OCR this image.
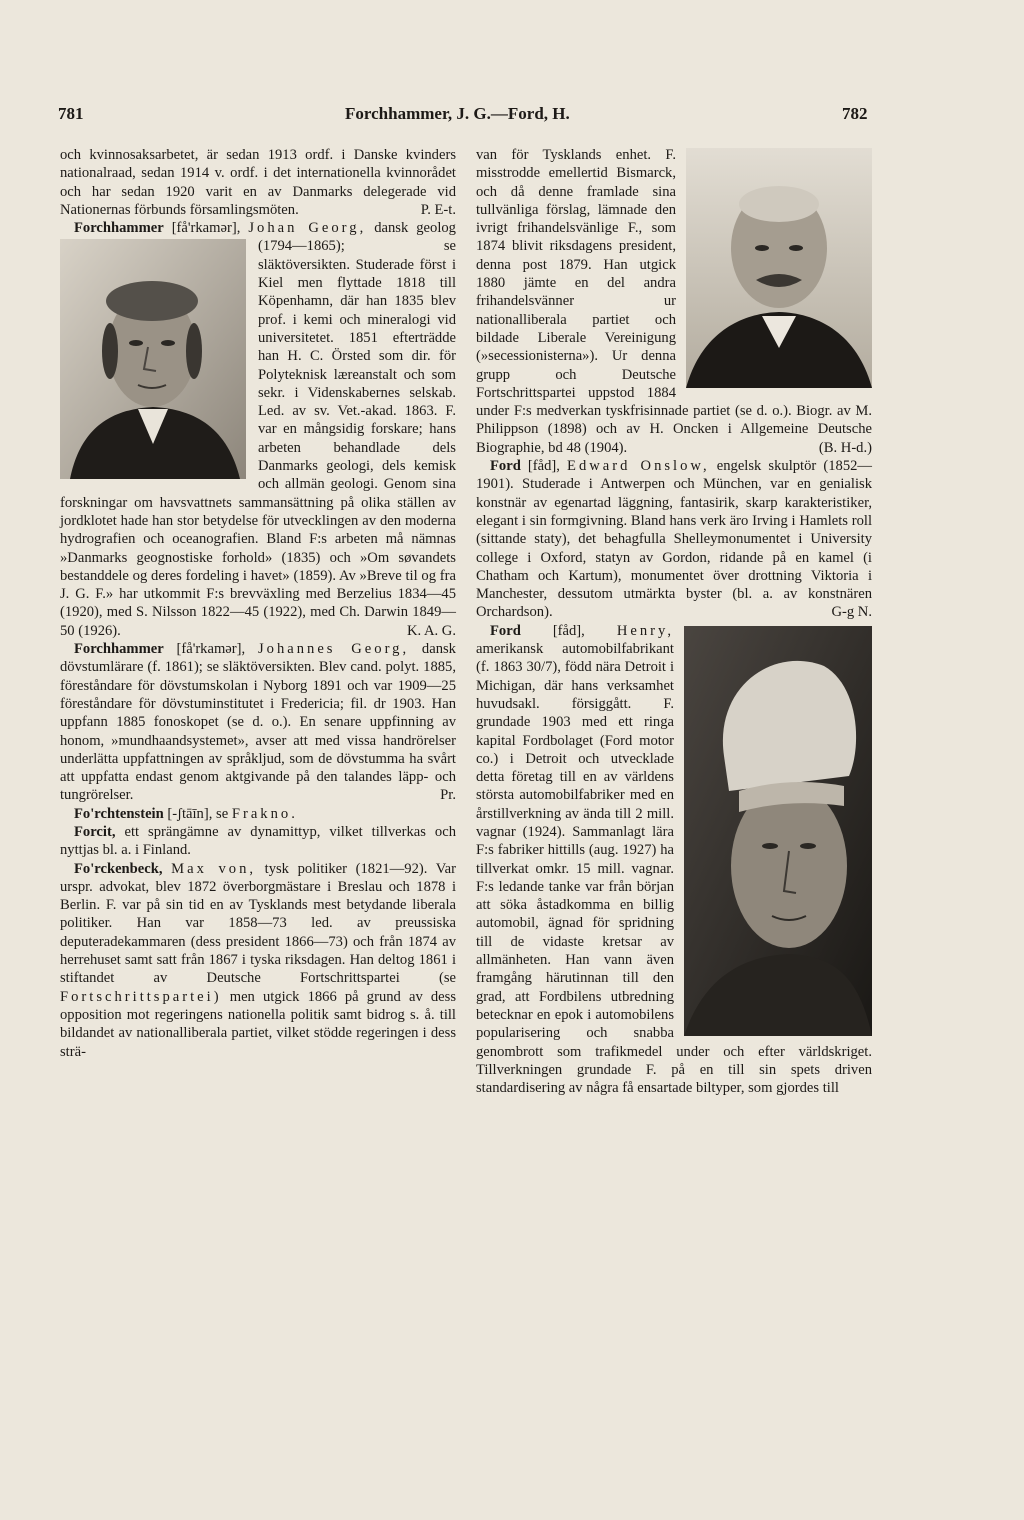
781	Forchhammer, J. G.—Ford, H.	782

och kvinnosaksarbetet, är sedan 1913 ordf. i Danske kvinders nationalraad, sedan 1914 v. ordf. i det internationella kvinnorådet och har sedan 1920 varit en av Danmarks delegerade vid Nationernas förbunds församlingsmöten.	P. E-t.

Forchhammer [få'rkamər], Johan Georg, dansk geolog (1794—1865); se släktöversikten. Studerade först i Kiel men flyttade 1818 till Köpenhamn, där han 1835 blev prof. i kemi och mineralogi vid universitetet. 1851 efterträdde han H. C. Örsted som dir. för Polyteknisk læreanstalt och som sekr. i Videnskabernes selskab. Led. av sv. Vet.-akad. 1863. F. var en mångsidig forskare; hans arbeten behandlade dels Danmarks geologi, dels kemisk och allmän geologi. Genom sina forskningar om havsvattnets sammansättning på olika ställen av jordklotet hade han stor betydelse för utvecklingen av den moderna hydrografien och oceanografien. Bland F:s arbeten må nämnas »Danmarks geognostiske forhold» (1835) och »Om søvandets bestanddele og deres fordeling i havet» (1859). Av »Breve til og fra J. G. F.» har utkommit F:s brevväxling med Berzelius 1834—45 (1920), med S. Nilsson 1822—45 (1922), med Ch. Darwin 1849—50 (1926).	K. A. G.

Forchhammer [få'rkamər], Johannes Georg, dansk dövstumlärare (f. 1861); se släktöversikten. Blev cand. polyt. 1885, föreståndare för dövstumskolan i Nyborg 1891 och var 1909—25 föreståndare för dövstuminstitutet i Fredericia; fil. dr 1903. Han uppfann 1885 fonoskopet (se d. o.). En senare uppfinning av honom, »mundhaandsystemet», avser att med vissa handrörelser underlätta uppfattningen av språkljud, som de dövstumma ha svårt att uppfatta endast genom aktgivande på den talandes läpp- och tungrörelser.	Pr.

Fo'rchtenstein [-ʃtāīn], se Frakno.

Forcit, ett sprängämne av dynamittyp, vilket tillverkas och nyttjas bl. a. i Finland.

Fo'rckenbeck, Max von, tysk politiker (1821—92). Var urspr. advokat, blev 1872 överborgmästare i Breslau och 1878 i Berlin. F. var på sin tid en av Tysklands mest betydande liberala politiker. Han var 1858—73 led. av preussiska deputeradekammaren (dess president 1866—73) och från 1874 av herrehuset samt satt från 1867 i tyska riksdagen. Han deltog 1861 i stiftandet av Deutsche Fortschrittspartei (se Fortschrittspartei) men utgick 1866 på grund av dess opposition mot regeringens nationella politik samt bidrog s. å. till bildandet av nationalliberala partiet, vilket stödde regeringen i dess strä-

van för Tysklands enhet. F. misstrodde emellertid Bismarck, och då denne framlade sina tullvänliga förslag, lämnade den ivrigt frihandelsvänlige F., som 1874 blivit riksdagens president, denna post 1879. Han utgick 1880 jämte en del andra frihandelsvänner ur nationalliberala partiet och bildade Liberale Vereinigung (»secessionisterna»). Ur denna grupp och Deutsche Fortschrittspartei uppstod 1884 under F:s medverkan tyskfrisinnade partiet (se d. o.). Biogr. av M. Philippson (1898) och av H. Oncken i Allgemeine Deutsche Biographie, bd 48 (1904).	(B. H-d.)

Ford [fåd], Edward Onslow, engelsk skulptör (1852—1901). Studerade i Antwerpen och München, var en genialisk konstnär av egenartad läggning, fantasirik, skarp karakteristiker, elegant i sin formgivning. Bland hans verk äro Irving i Hamlets roll (sittande staty), det behagfulla Shelleymonumentet i University college i Oxford, statyn av Gordon, ridande på en kamel (i Chatham och Kartum), monumentet över drottning Viktoria i Manchester, dessutom utmärkta byster (bl. a. av konstnären Orchardson).	G-g N.

Ford [fåd], Henry,
amerikansk automobilfabrikant (f. 1863 30/7), född nära Detroit i Michigan, där hans verksamhet huvudsakl. försiggått. F. grundade 1903 med ett ringa kapital Fordbolaget (Ford motor co.) i Detroit och utvecklade detta företag till en av världens största automobilfabriker med en årstillverkning av ända till 2 mill. vagnar (1924). Sammanlagt lära F:s fabriker hittills (aug. 1927) ha tillverkat omkr. 15 mill. vagnar. F:s ledande tanke var från början att söka åstadkomma en billig automobil, ägnad för spridning till de vidaste kretsar av allmänheten. Han vann även framgång härutinnan till den grad, att Fordbilens utbredning betecknar en epok i automobilens popularisering och snabba genombrott som trafikmedel under och efter världskriget. Tillverkningen grundade F. på en till sin spets driven standardisering av några få ensartade biltyper, som gjordes till
